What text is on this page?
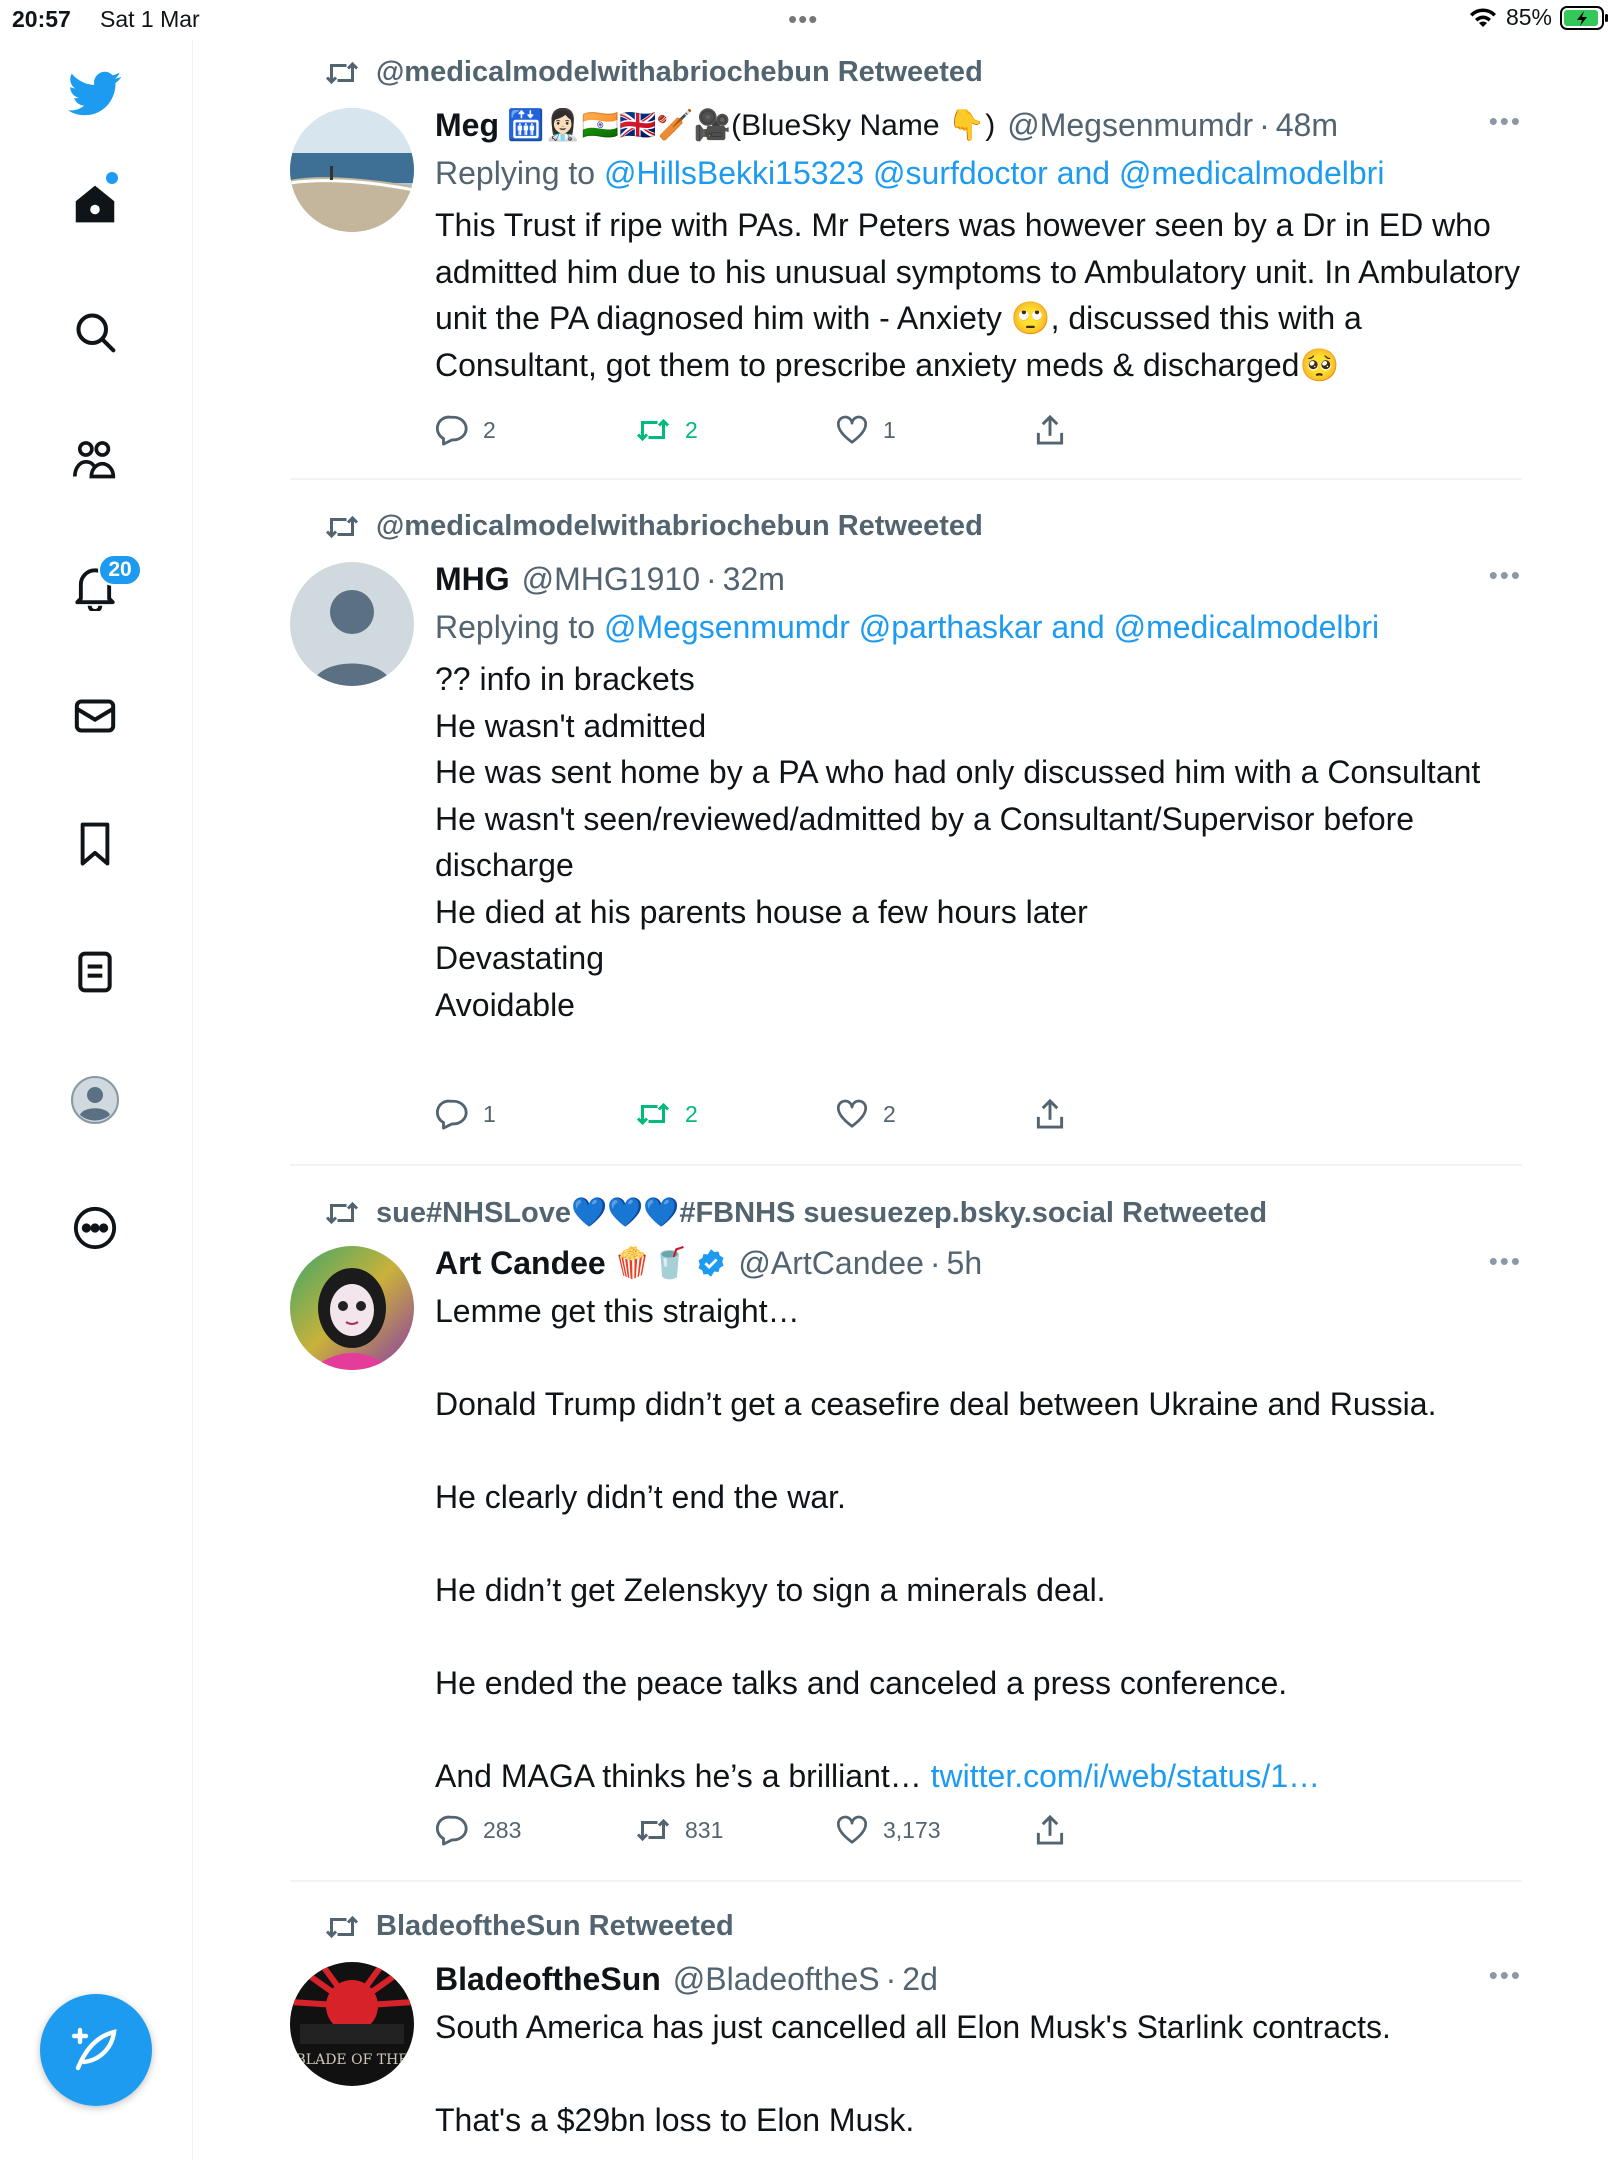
20:57 Sat 1 Mar	•••	85%
20
@medicalmodelwithabriochebun Retweeted
Meg 🛗👩🏻‍⚕️🇮🇳🇬🇧🏏🎥(BlueSky Name 👇) @Megsenmumdr · 48m
Replying to @HillsBekki15323 @surfdoctor and @medicalmodelbri
This Trust if ripe with PAs. Mr Peters was however seen by a Dr in ED who admitted him due to his unusual symptoms to Ambulatory unit. In Ambulatory unit the PA diagnosed him with - Anxiety 🙄, discussed this with a Consultant, got them to prescribe anxiety meds & discharged🥺
•••
2	2	1
@medicalmodelwithabriochebun Retweeted
MHG @MHG1910 · 32m
Replying to @Megsenmumdr @parthaskar and @medicalmodelbri
?? info in brackets
He wasn't admitted
He was sent home by a PA who had only discussed him with a Consultant
He wasn't seen/reviewed/admitted by a Consultant/Supervisor before discharge
He died at his parents house a few hours later
Devastating
Avoidable
•••
1	2	2
sue#NHSLove💙💙💙#FBNHS suesuezep.bsky.social Retweeted
Art Candee 🍿🥤 @ArtCandee · 5h
Lemme get this straight…

Donald Trump didn’t get a ceasefire deal between Ukraine and Russia.

He clearly didn’t end the war.

He didn’t get Zelenskyy to sign a minerals deal.

He ended the peace talks and canceled a press conference.

And MAGA thinks he’s a brilliant… twitter.com/i/web/status/1…
•••
283	831	3,173
BladeoftheSun Retweeted
BLADE OF THE
BladeoftheSun @BladeoftheS · 2d
South America has just cancelled all Elon Musk's Starlink contracts.

That's a $29bn loss to Elon Musk.
•••
